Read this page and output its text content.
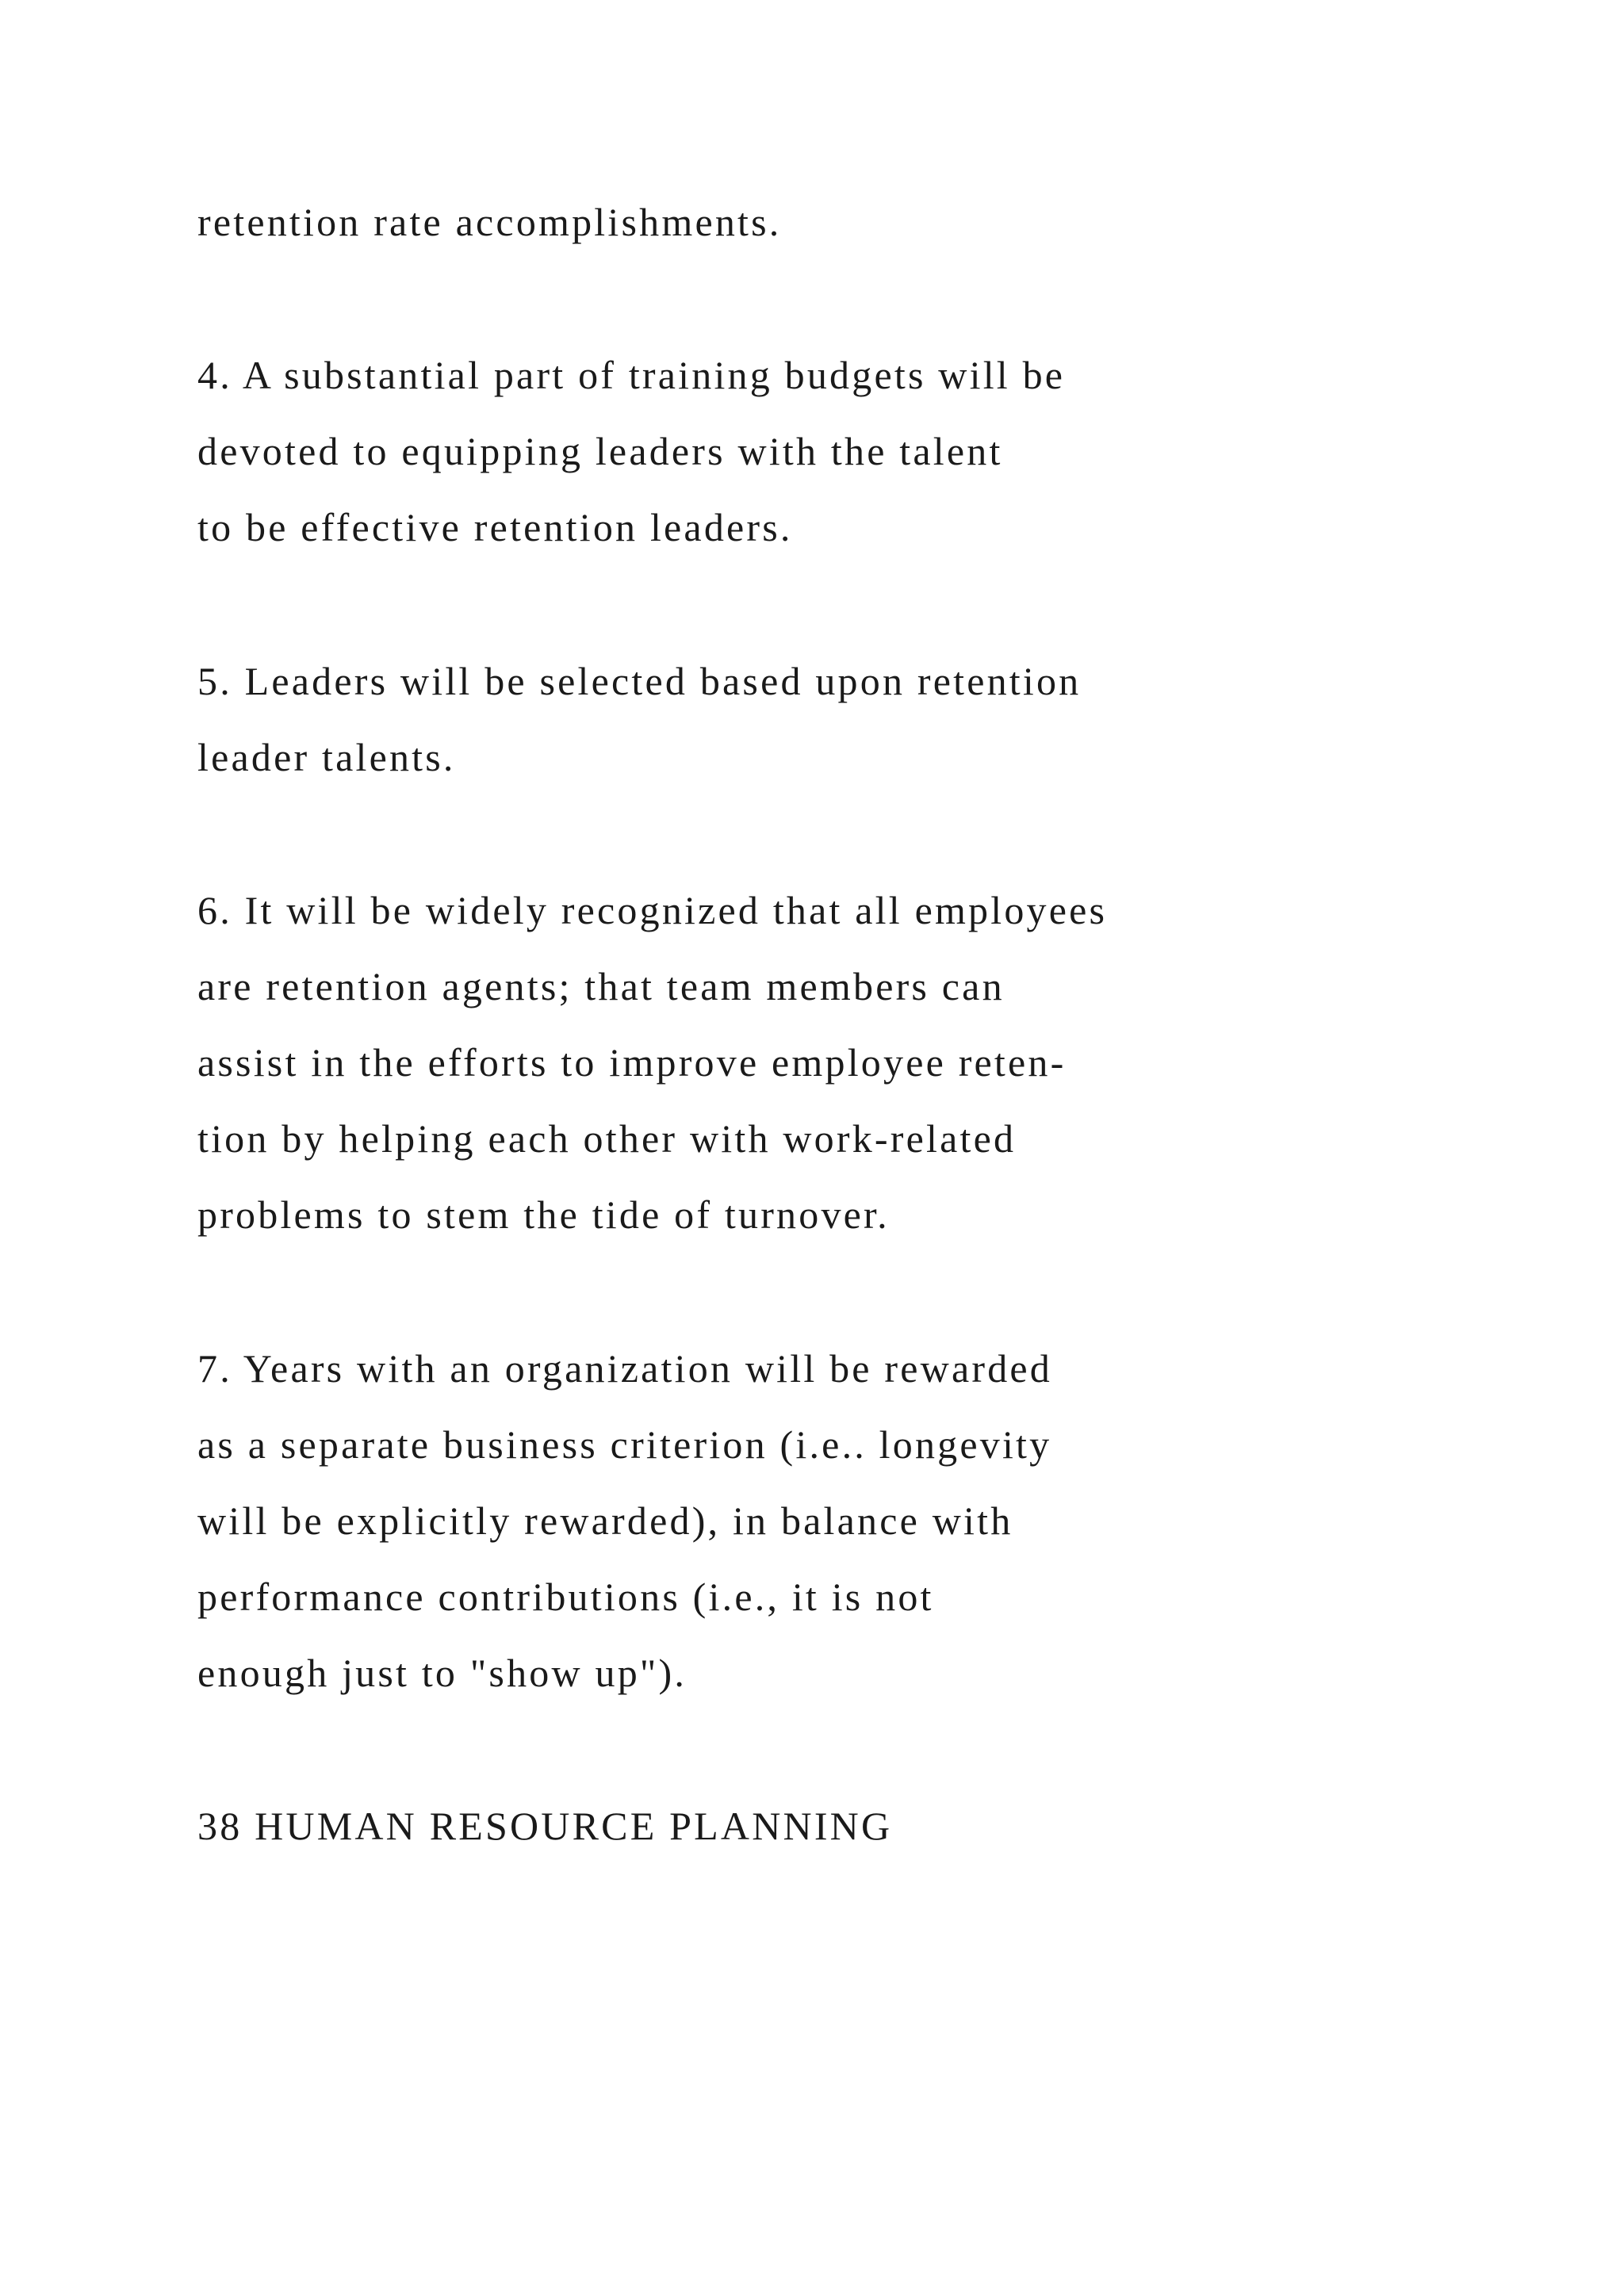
retention rate accomplishments.

4. A substantial part of training budgets will be

devoted to equipping leaders with the talent

to be effective retention leaders.

5. Leaders will be selected based upon retention

leader talents.

6. It will be widely recognized that all employees

are retention agents; that team members can

assist in the efforts to improve employee reten-

tion by helping each other with work-related

problems to stem the tide of turnover.

7. Years with an organization will be rewarded

as a separate business criterion (i.e.. longevity

will be explicitly rewarded), in balance with

performance contributions (i.e., it is not

enough just to "show up").

38 HUMAN RESOURCE PLANNING
